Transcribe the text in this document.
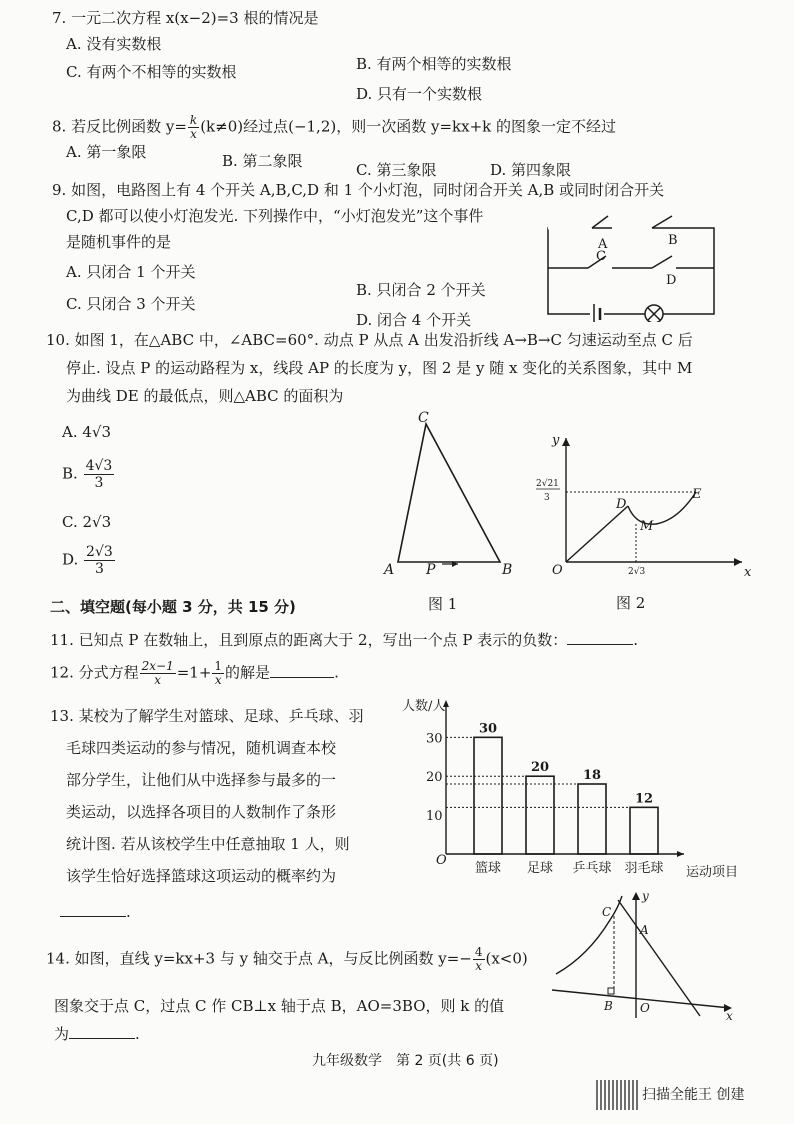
7. 一元二次方程 x(x−2)=3 根的情况是
A. 没有实数根
B. 有两个相等的实数根
C. 有两个不相等的实数根
D. 只有一个实数根
8. 若反比例函数 $y= \frac{k}{x} (k\ne 0)$经过点(−1,2)，则一次函数 y=kx+k 的图象一定不经过
A. 第一象限	B. 第二象限	C. 第三象限	D. 第四象限
9. 如图，电路图上有 4 个开关 A,B,C,D 和 1 个小灯泡，同时闭合开关 A,B 或同时闭合开关
C,D 都可以使小灯泡发光. 下列操作中，“小灯泡发光”这个事件
是随机事件的是
A. 只闭合 1 个开关
B. 只闭合 2 个开关
C. 只闭合 3 个开关
D. 闭合 4 个开关
A	B
C
D
10. 如图 1，在△ABC 中，∠ABC=60°. 动点 P 从点 A 出发沿折线 A→B→C 匀速运动至点 C 后
停止. 设点 P 的运动路程为 x，线段 AP 的长度为 y，图 2 是 y 随 x 变化的关系图象，其中 M
为曲线 DE 的最低点，则△ABC 的面积为
A. 4√3
B. $\frac{4√3}{3}$
C. 2√3
D. $\frac{2√3}{3}$
C
A	B
P
图 1
y
x
O
D
E
M
2√21
3
2√3
图 2
二、填空题(每小题 3 分，共 15 分)
11. 已知点 P 在数轴上，且到原点的距离大于 2，写出一个点 P 表示的负数：	.
12. 分式方程 $\frac{2x-1}{x} =1+ \frac{1}{x}$ 的解是	.
13. 某校为了解学生对篮球、足球、乒乓球、羽
毛球四类运动的参与情况，随机调查本校
部分学生，让他们从中选择参与最多的一
类运动，以选择各项目的人数制作了条形
统计图. 若从该校学生中任意抽取 1 人，则
该学生恰好选择篮球这项运动的概率约为
.
人数/人
运动项目
O
10
20
30
30
篮球
20
足球
18
乒乓球
12
羽毛球
14. 如图，直线 y=kx+3 与 y 轴交于点 A，与反比例函数 $y=- \frac{4}{x} (x<0)$
图象交于点 C，过点 C 作 CB⊥x 轴于点 B，AO=3BO，则 k 的值
为	.
y
x
C
A
B O
九年级数学　第 2 页(共 6 页)
扫描全能王 创建
